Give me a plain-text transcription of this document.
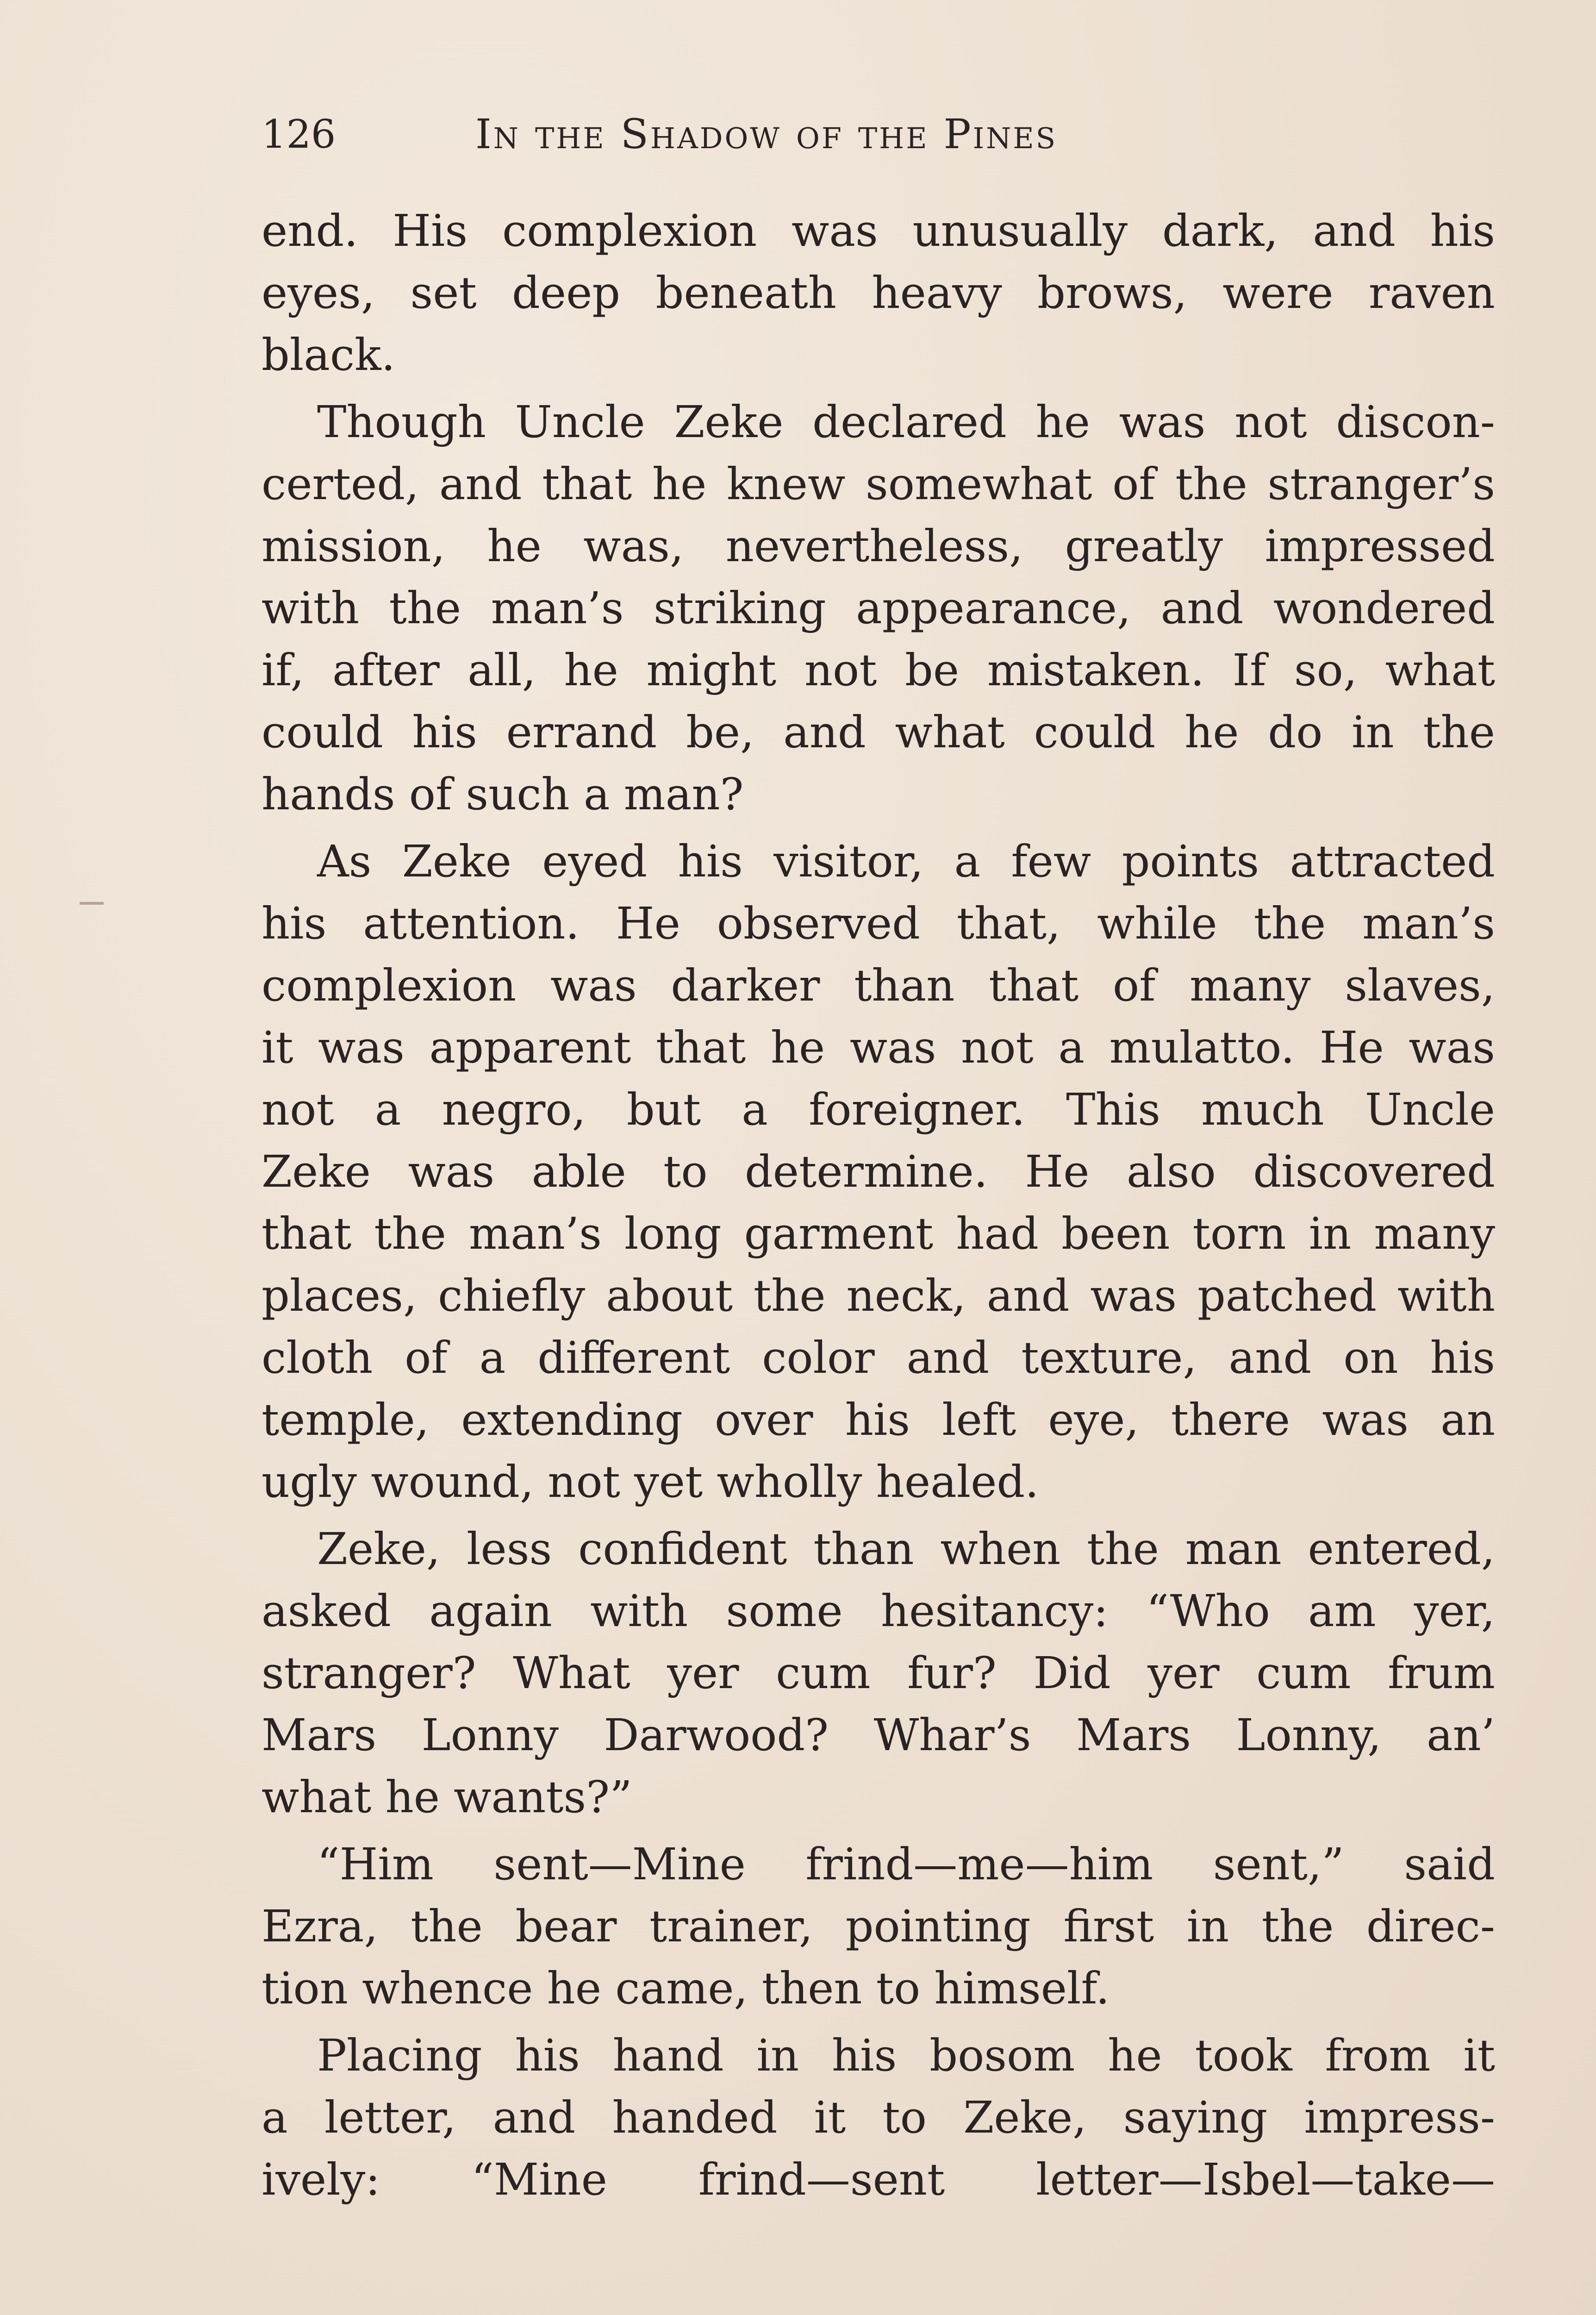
126	In the Shadow of the Pines
end. His complexion was unusually dark, and his
eyes, set deep beneath heavy brows, were raven
black.
Though Uncle Zeke declared he was not discon-
certed, and that he knew somewhat of the stranger’s
mission, he was, nevertheless, greatly impressed
with the man’s striking appearance, and wondered
if, after all, he might not be mistaken. If so, what
could his errand be, and what could he do in the
hands of such a man?
As Zeke eyed his visitor, a few points attracted
his attention. He observed that, while the man’s
complexion was darker than that of many slaves,
it was apparent that he was not a mulatto. He was
not a negro, but a foreigner. This much Uncle
Zeke was able to determine. He also discovered
that the man’s long garment had been torn in many
places, chiefly about the neck, and was patched with
cloth of a different color and texture, and on his
temple, extending over his left eye, there was an
ugly wound, not yet wholly healed.
Zeke, less confident than when the man entered,
asked again with some hesitancy: “Who am yer,
stranger? What yer cum fur? Did yer cum frum
Mars Lonny Darwood? Whar’s Mars Lonny, an’
what he wants?”
“Him sent—Mine frind—me—him sent,” said
Ezra, the bear trainer, pointing first in the direc-
tion whence he came, then to himself.
Placing his hand in his bosom he took from it
a letter, and handed it to Zeke, saying impress-
ively: “Mine frind—sent letter—Isbel—take—
